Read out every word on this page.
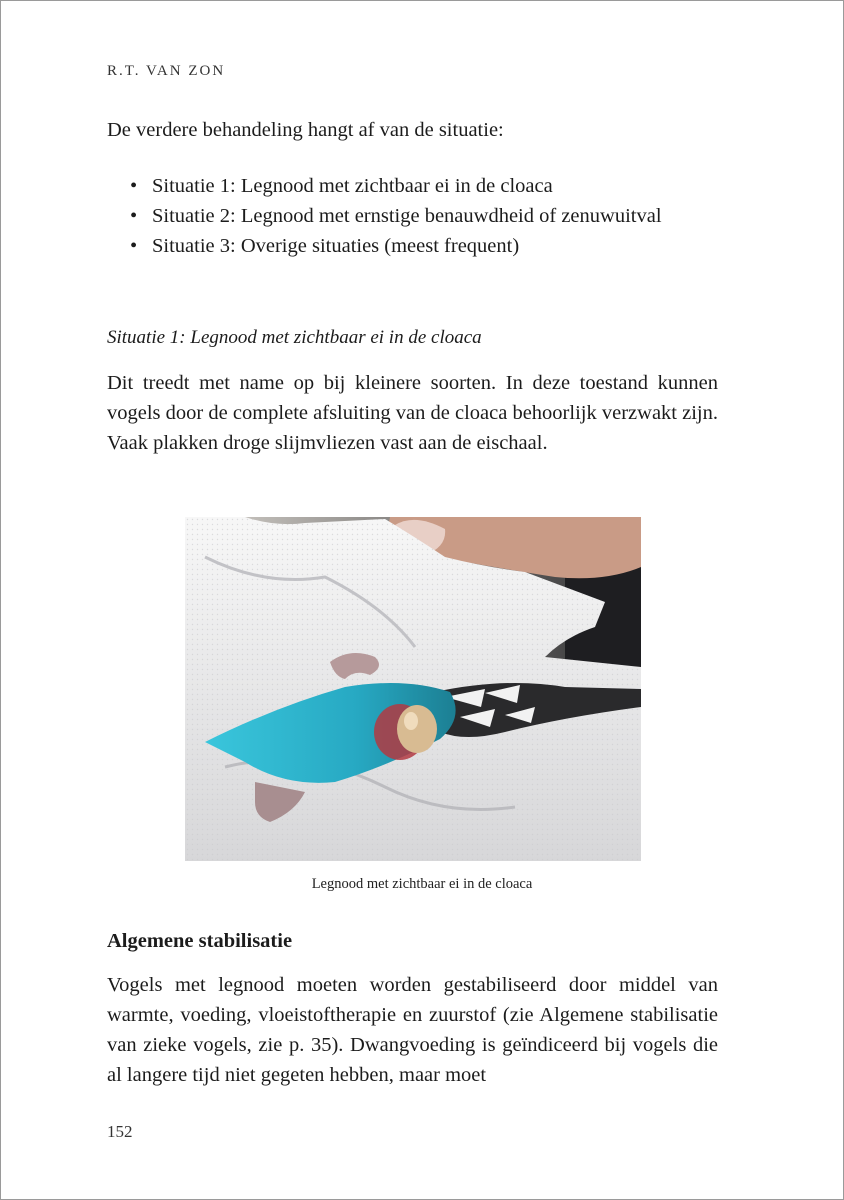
R.T. VAN ZON
De verdere behandeling hangt af van de situatie:
• Situatie 1: Legnood met zichtbaar ei in de cloaca
• Situatie 2: Legnood met ernstige benauwdheid of zenuwuitval
• Situatie 3: Overige situaties (meest frequent)
Situatie 1: Legnood met zichtbaar ei in de cloaca
Dit treedt met name op bij kleinere soorten. In deze toestand kunnen vogels door de complete afsluiting van de cloaca behoorlijk verzwakt zijn. Vaak plakken droge slijmvliezen vast aan de eischaal.
Legnood met zichtbaar ei in de cloaca
Algemene stabilisatie
Vogels met legnood moeten worden gestabiliseerd door middel van warmte, voeding, vloeistoftherapie en zuurstof (zie Algemene stabilisatie van zieke vogels, zie p. 35). Dwangvoeding is geïndiceerd bij vogels die al langere tijd niet gegeten hebben, maar moet
152
